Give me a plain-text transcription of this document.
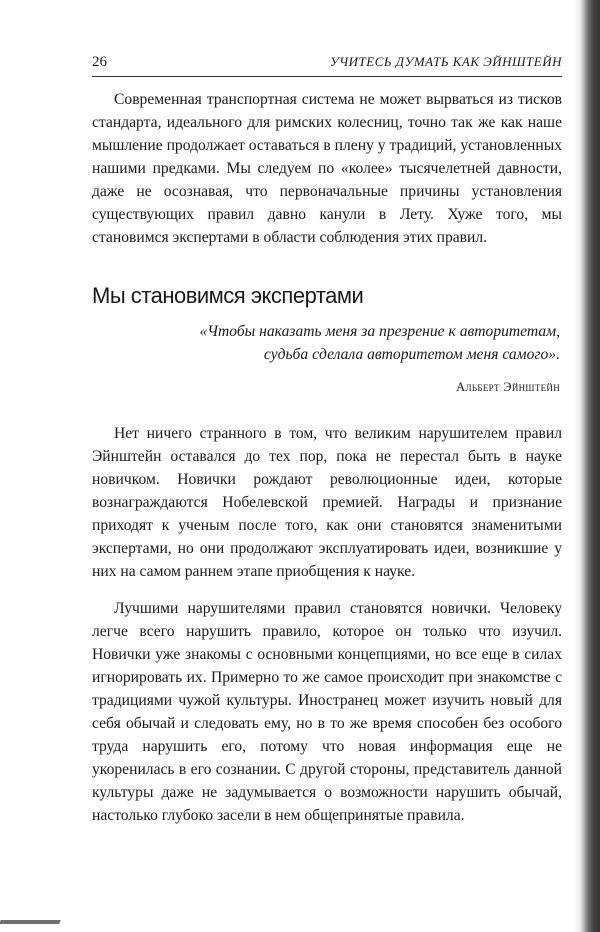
26	УЧИТЕСЬ ДУМАТЬ КАК ЭЙНШТЕЙН

Современная транспортная система не может вырваться из тисков стандарта, идеального для римских колесниц, точно так же как наше мышление продолжает оставаться в плену у традиций, установленных нашими предками. Мы следуем по «колее» тысячелетней давности, даже не осознавая, что первоначальные причины установления существующих правил давно канули в Лету. Хуже того, мы становимся экспертами в области соблюдения этих правил.

Мы становимся экспертами
«Чтобы наказать меня за презрение к авторитетам,
судьба сделала авторитетом меня самого».
Альберт Эйнштейн

Нет ничего странного в том, что великим нарушителем правил Эйнштейн оставался до тех пор, пока не перестал быть в науке новичком. Новички рождают революционные идеи, которые вознаграждаются Нобелевской премией. Награды и признание приходят к ученым после того, как они становятся знаменитыми экспертами, но они продолжают эксплуатировать идеи, возникшие у них на самом раннем этапе приобщения к науке.

Лучшими нарушителями правил становятся новички. Человеку легче всего нарушить правило, которое он только что изучил. Новички уже знакомы с основными концепциями, но все еще в силах игнорировать их. Примерно то же самое происходит при знакомстве с традициями чужой культуры. Иностранец может изучить новый для себя обычай и следовать ему, но в то же время способен без особого труда нарушить его, потому что новая информация еще не укоренилась в его сознании. С другой стороны, представитель данной культуры даже не задумывается о возможности нарушить обычай, настолько глубоко засели в нем общепринятые правила.
